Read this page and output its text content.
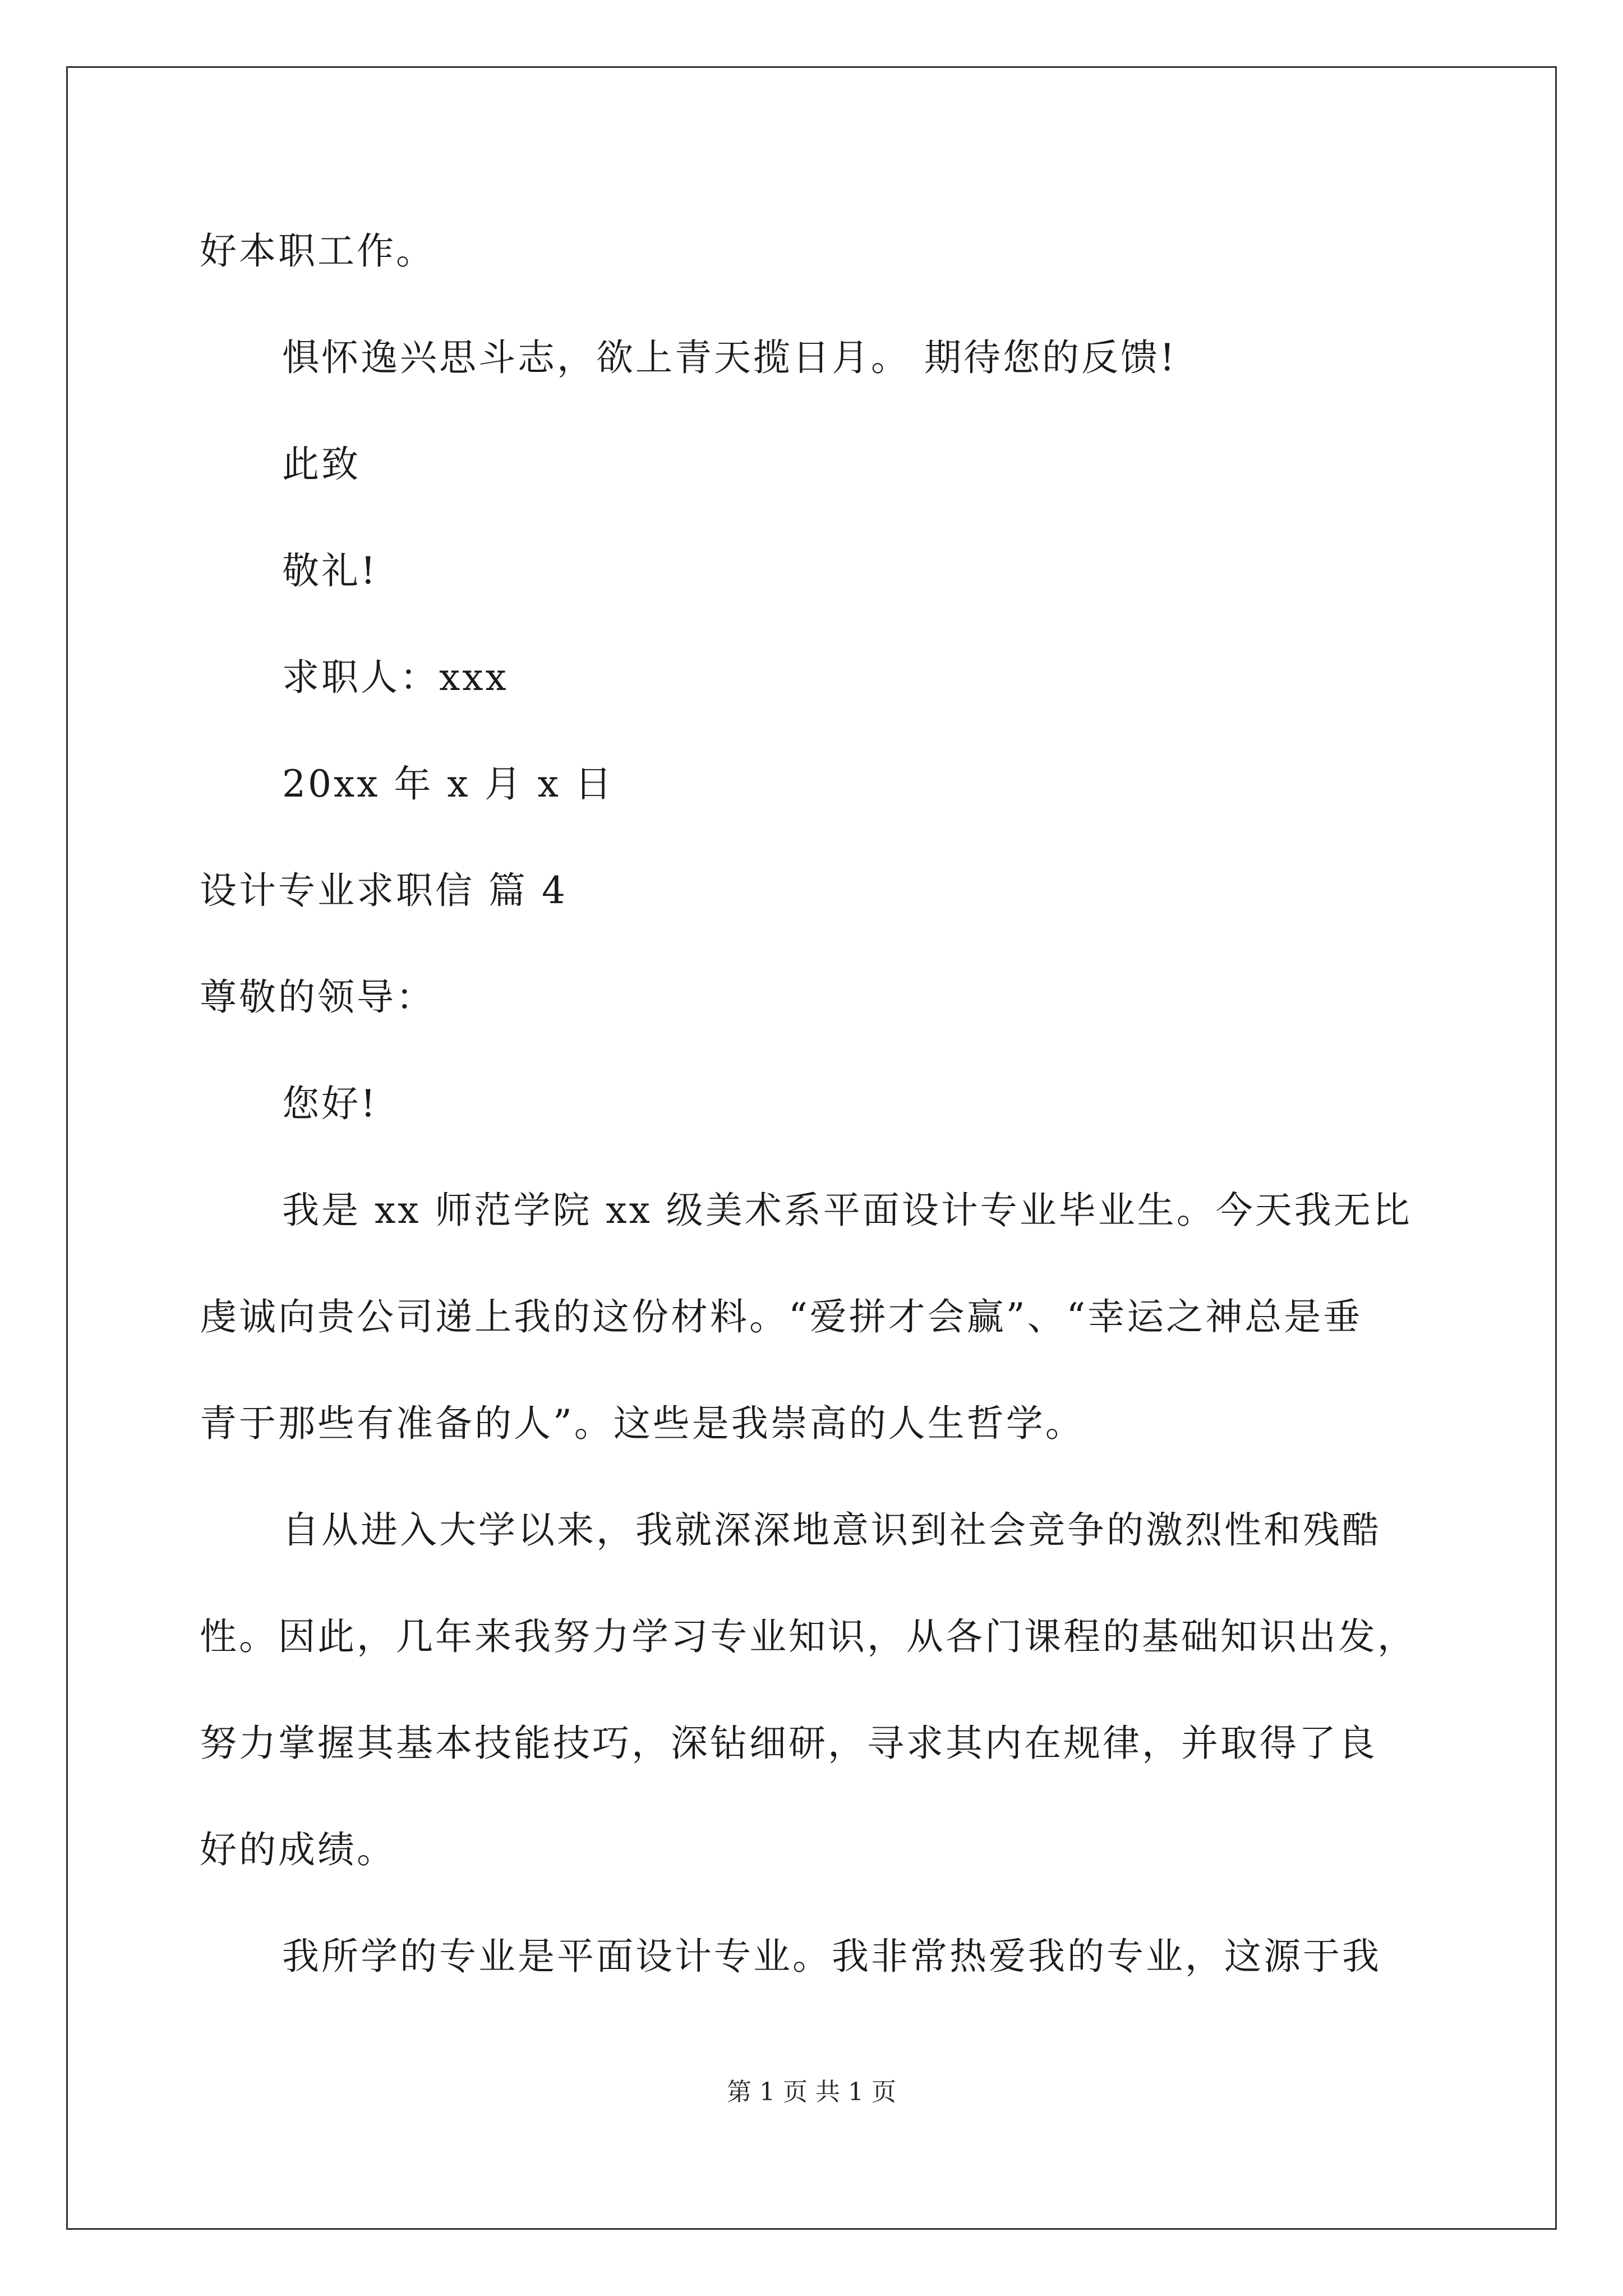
好本职工作。
惧怀逸兴思斗志，欲上青天揽日月。 期待您的反馈!
此致
敬礼!
求职人：xxx
20xx 年 x 月 x 日
设计专业求职信 篇 4
尊敬的领导：
您好!
我是 xx 师范学院 xx 级美术系平面设计专业毕业生。今天我无比
虔诚向贵公司递上我的这份材料。“爱拼才会赢”、“幸运之神总是垂
青于那些有准备的人”。这些是我崇高的人生哲学。
自从进入大学以来，我就深深地意识到社会竞争的激烈性和残酷
性。因此，几年来我努力学习专业知识，从各门课程的基础知识出发，
努力掌握其基本技能技巧，深钻细研，寻求其内在规律，并取得了良
好的成绩。
我所学的专业是平面设计专业。我非常热爱我的专业，这源于我
第 1 页 共 1 页
